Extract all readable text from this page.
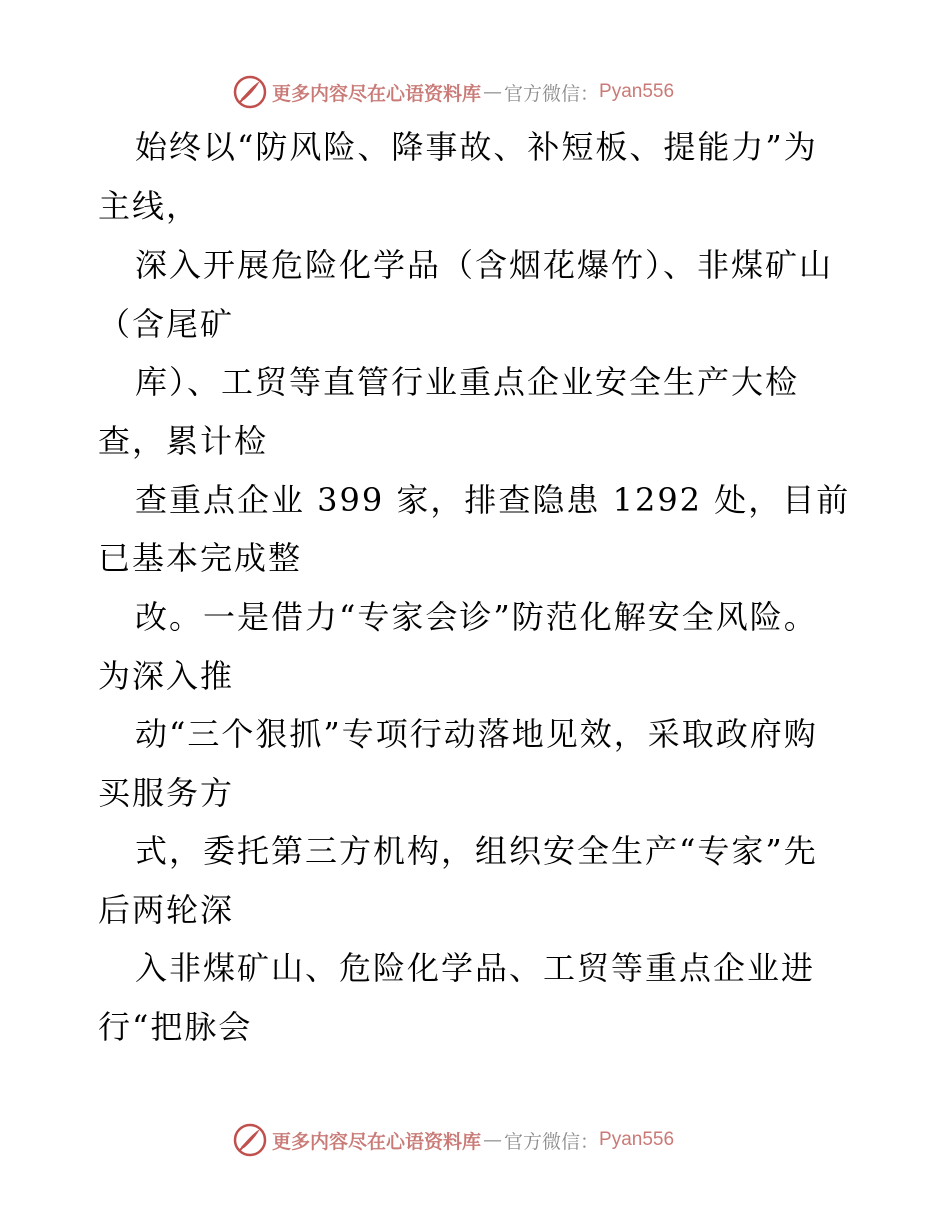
更多内容尽在心语资料库 — 官方微信： Pyan556
始终以“防风险、降事故、补短板、提能力”为
主线，
深入开展危险化学品（含烟花爆竹）、非煤矿山
（含尾矿
库）、工贸等直管行业重点企业安全生产大检
查，累计检
查重点企业 399 家，排查隐患 1292 处，目前
已基本完成整
改。一是借力“专家会诊”防范化解安全风险。
为深入推
动“三个狠抓”专项行动落地见效，采取政府购
买服务方
式，委托第三方机构，组织安全生产“专家”先
后两轮深
入非煤矿山、危险化学品、工贸等重点企业进
行“把脉会
更多内容尽在心语资料库 — 官方微信： Pyan556
